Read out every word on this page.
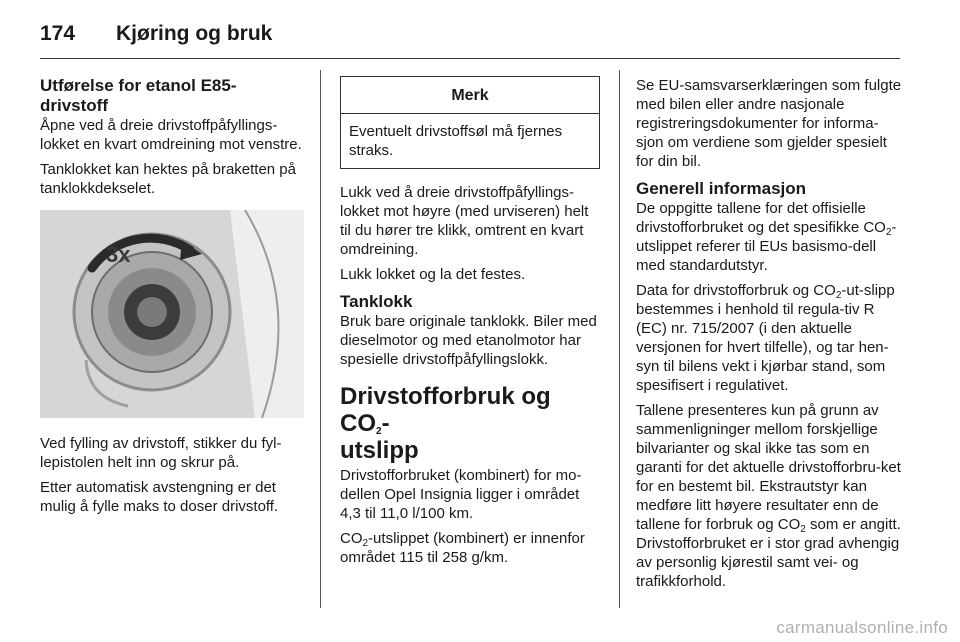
174 Kjøring og bruk
Utførelse for etanol E85-
drivstoff

Åpne ved å dreie drivstoffpåfyllings-lokket en kvart omdreining mot venstre.

Tanklokket kan hektes på braketten på tanklokkdekselet.

3x

Ved fylling av drivstoff, stikker du fyl-lepistolen helt inn og skrur på.

Etter automatisk avstengning er det mulig å fylle maks to doser drivstoff.

Merk

Eventuelt drivstoffsøl må fjernes straks.

Lukk ved å dreie drivstoffpåfyllings-lokket mot høyre (med urviseren) helt til du hører tre klikk, omtrent en kvart omdreining.

Lukk lokket og la det festes.

Tanklokk

Bruk bare originale tanklokk. Biler med dieselmotor og med etanolmotor har spesielle drivstoffpåfyllingslokk.

Drivstofforbruk og $CO_2-$
utslipp

Drivstofforbruket (kombinert) for mo-dellen Opel Insignia ligger i området 4,3 til 11,0 l/100 km.

$CO_2$-utslippet (kombinert) er innenfor området 115 til 258 g/km.

Se EU-samsvarserklæringen som fulgte med bilen eller andre nasjonale registreringsdokumenter for informa-sjon om verdiene som gjelder spesielt for din bil.

Generell informasjon

De oppgitte tallene for det offisielle drivstofforbruket og det spesifikke $CO_2$-utslippet referer til EUs basismo-dell med standardutstyr.

Data for drivstofforbruk og $CO_2-ut$-slipp bestemmes i henhold til regula-tiv R (EC) nr. 715/2007 (i den aktuelle versjonen for hvert tilfelle), og tar hen-syn til bilens vekt i kjørbar stand, som spesifisert i regulativet.

Tallene presenteres kun på grunn av sammenligninger mellom forskjellige bilvarianter og skal ikke tas som en garanti for det aktuelle drivstofforbru-ket for en bestemt bil. Ekstrautstyr kan medføre litt høyere resultater enn de tallene for forbruk og $CO_2$ som er angitt. Drivstofforbruket er i stor grad avhengig av personlig kjørestil samt vei- og trafikkforhold.

carmanualsonline.info
